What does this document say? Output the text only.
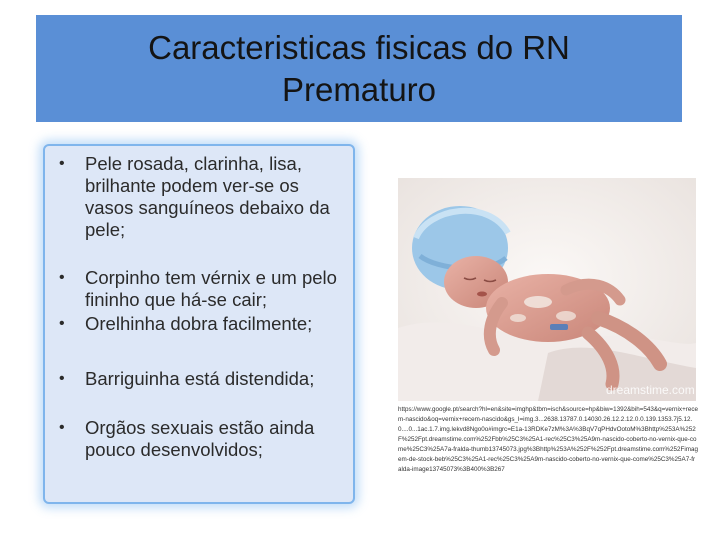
Caracteristicas fisicas do RN
Prematuro
•	Pele rosada, clarinha, lisa, brilhante podem ver-se os vasos sanguíneos debaixo da pele;
•	Corpinho tem vérnix e um pelo fininho que há-se cair;
•	Orelhinha dobra facilmente;
•	Barriguinha está distendida;
•	Orgãos sexuais estão ainda pouco desenvolvidos;
dreamstime.com

https://www.google.pt/search?hl=en&site=imghp&tbm=isch&source=hp&biw=1392&bih=543&q=vernix+recem-nascido&oq=vernix+recem-nascido&gs_l=img.3...2638.13787.0.14030.26.12.2.12.0.0.139.1353.7j5.12.0....0...1ac.1.7.img.lekvd8Ngo0o#imgrc=E1a-13RDKe7zM%3A%3BqV7qPHdvOotoM%3Bhttp%253A%252F%252Fpt.dreamstime.com%252Fbb%25C3%25A1-rec%25C3%25A9m-nascido-coberto-no-vernix-que-come%25C3%25A7a-fralda-thumb13745073.jpg%3Bhttp%253A%252F%252Fpt.dreamstime.com%252Fimagem-de-stock-beb%25C3%25A1-rec%25C3%25A9m-nascido-coberto-no-vernix-que-come%25C3%25A7-fralda-image13745073%3B400%3B267
